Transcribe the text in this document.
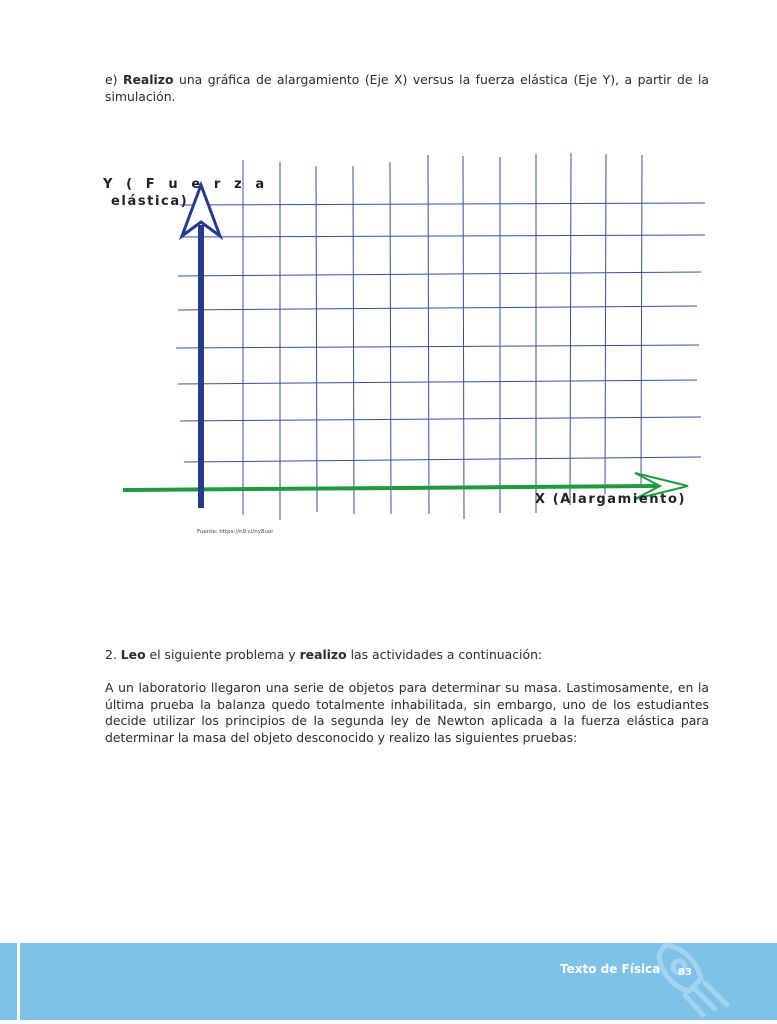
e) Realizo una gráfica de alargamiento (Eje X) versus la fuerza elástica (Eje Y), a partir de la simulación.
Y ( F u e r z a
elástica)
X (Alargamiento)
Fuente: https://n9.cl/ny8uoi
2. Leo el siguiente problema y realizo las actividades a continuación:
A un laboratorio llegaron una serie de objetos para determinar su masa. Lastimosamente, en la última prueba la balanza quedo totalmente inhabilitada, sin embargo, uno de los estudiantes decide utilizar los principios de la segunda ley de Newton aplicada a la fuerza elástica para determinar la masa del objeto desconocido y realizo las siguientes pruebas:
Texto de Física 83
